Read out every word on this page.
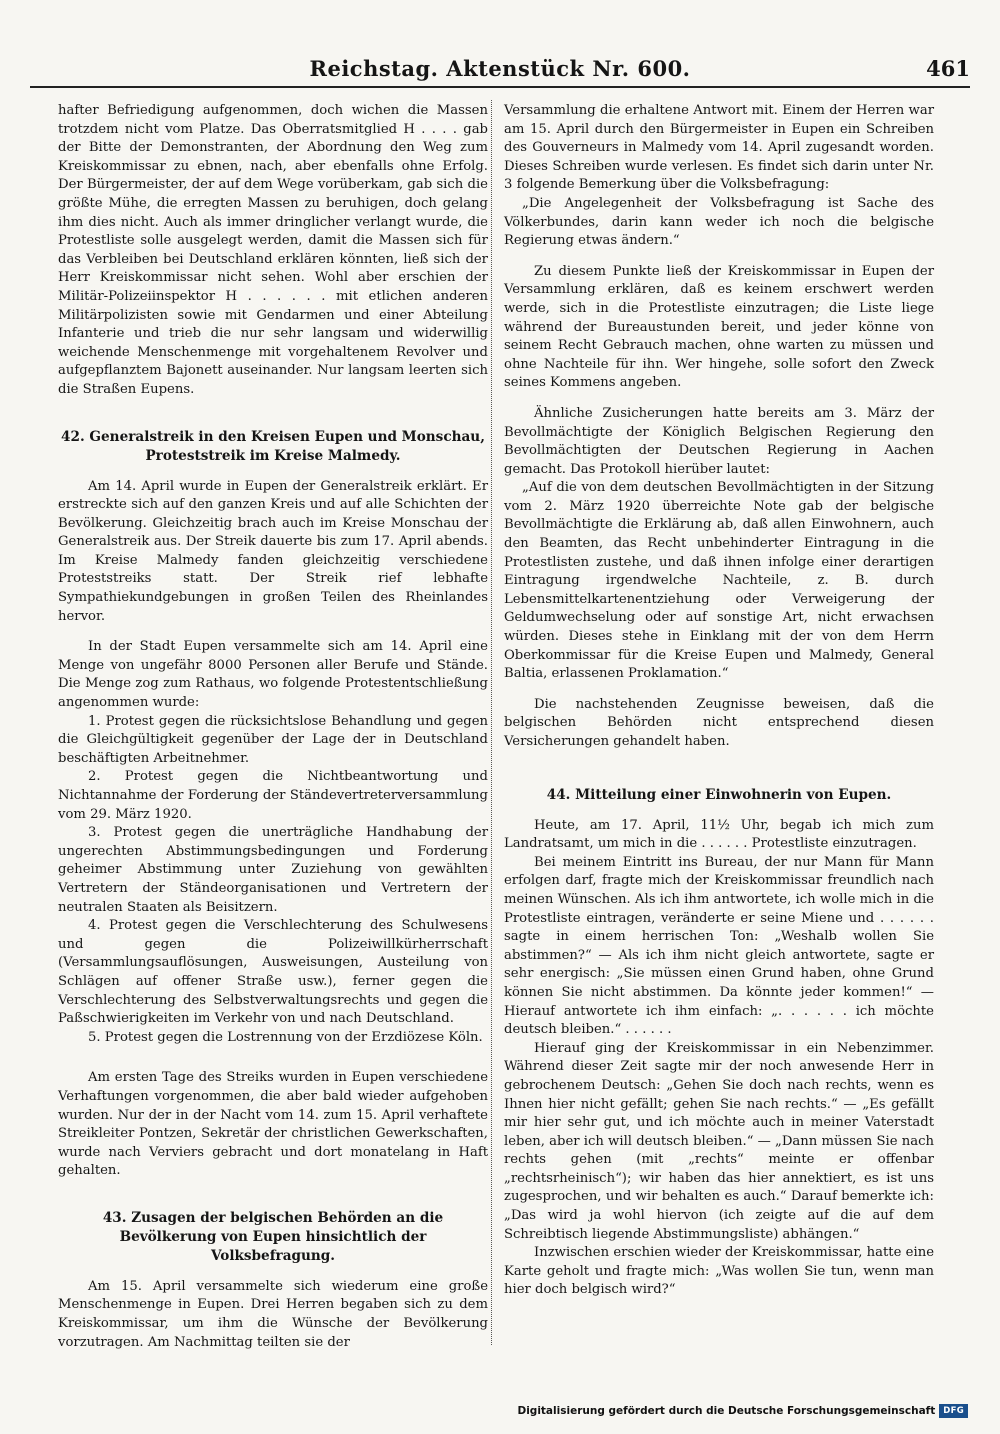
Reichstag. Aktenstück Nr. 600.	461

hafter Befriedigung aufgenommen, doch wichen die Massen trotzdem nicht vom Platze. Das Oberratsmitglied H . . . . gab der Bitte der Demonstranten, der Abordnung den Weg zum Kreiskommissar zu ebnen, nach, aber ebenfalls ohne Erfolg. Der Bürgermeister, der auf dem Wege vorüberkam, gab sich die größte Mühe, die erregten Massen zu beruhigen, doch gelang ihm dies nicht. Auch als immer dringlicher verlangt wurde, die Protestliste solle ausgelegt werden, damit die Massen sich für das Verbleiben bei Deutschland erklären könnten, ließ sich der Herr Kreiskommissar nicht sehen. Wohl aber erschien der Militär-Polizeiinspektor H . . . . . . mit etlichen anderen Militärpolizisten sowie mit Gendarmen und einer Abteilung Infanterie und trieb die nur sehr langsam und widerwillig weichende Menschenmenge mit vorgehaltenem Revolver und aufgepflanztem Bajonett auseinander. Nur langsam leerten sich die Straßen Eupens.

42. Generalstreik in den Kreisen Eupen und Monschau, Proteststreik im Kreise Malmedy.

Am 14. April wurde in Eupen der Generalstreik erklärt. Er erstreckte sich auf den ganzen Kreis und auf alle Schichten der Bevölkerung. Gleichzeitig brach auch im Kreise Monschau der Generalstreik aus. Der Streik dauerte bis zum 17. April abends. Im Kreise Malmedy fanden gleichzeitig verschiedene Proteststreiks statt. Der Streik rief lebhafte Sympathiekundgebungen in großen Teilen des Rheinlandes hervor.

In der Stadt Eupen versammelte sich am 14. April eine Menge von ungefähr 8000 Personen aller Berufe und Stände. Die Menge zog zum Rathaus, wo folgende Protestentschließung angenommen wurde:

1. Protest gegen die rücksichtslose Behandlung und gegen die Gleichgültigkeit gegenüber der Lage der in Deutschland beschäftigten Arbeitnehmer.
2. Protest gegen die Nichtbeantwortung und Nichtannahme der Forderung der Ständevertreterversammlung vom 29. März 1920.
3. Protest gegen die unerträgliche Handhabung der ungerechten Abstimmungsbedingungen und Forderung geheimer Abstimmung unter Zuziehung von gewählten Vertretern der Ständeorganisationen und Vertretern der neutralen Staaten als Beisitzern.
4. Protest gegen die Verschlechterung des Schulwesens und gegen die Polizeiwillkürherrschaft (Versammlungsauflösungen, Ausweisungen, Austeilung von Schlägen auf offener Straße usw.), ferner gegen die Verschlechterung des Selbstverwaltungsrechts und gegen die Paßschwierigkeiten im Verkehr von und nach Deutschland.
5. Protest gegen die Lostrennung von der Erzdiözese Köln.

Am ersten Tage des Streiks wurden in Eupen verschiedene Verhaftungen vorgenommen, die aber bald wieder aufgehoben wurden. Nur der in der Nacht vom 14. zum 15. April verhaftete Streikleiter Pontzen, Sekretär der christlichen Gewerkschaften, wurde nach Verviers gebracht und dort monatelang in Haft gehalten.

43. Zusagen der belgischen Behörden an die Bevölkerung von Eupen hinsichtlich der Volksbefragung.

Am 15. April versammelte sich wiederum eine große Menschenmenge in Eupen. Drei Herren begaben sich zu dem Kreiskommissar, um ihm die Wünsche der Bevölkerung vorzutragen. Am Nachmittag teilten sie der

Versammlung die erhaltene Antwort mit. Einem der Herren war am 15. April durch den Bürgermeister in Eupen ein Schreiben des Gouverneurs in Malmedy vom 14. April zugesandt worden. Dieses Schreiben wurde verlesen. Es findet sich darin unter Nr. 3 folgende Bemerkung über die Volksbefragung:

„Die Angelegenheit der Volksbefragung ist Sache des Völkerbundes, darin kann weder ich noch die belgische Regierung etwas ändern.“

Zu diesem Punkte ließ der Kreiskommissar in Eupen der Versammlung erklären, daß es keinem erschwert werden werde, sich in die Protestliste einzutragen; die Liste liege während der Bureaustunden bereit, und jeder könne von seinem Recht Gebrauch machen, ohne warten zu müssen und ohne Nachteile für ihn. Wer hingehe, solle sofort den Zweck seines Kommens angeben.

Ähnliche Zusicherungen hatte bereits am 3. März der Bevollmächtigte der Königlich Belgischen Regierung den Bevollmächtigten der Deutschen Regierung in Aachen gemacht. Das Protokoll hierüber lautet:

„Auf die von dem deutschen Bevollmächtigten in der Sitzung vom 2. März 1920 überreichte Note gab der belgische Bevollmächtigte die Erklärung ab, daß allen Einwohnern, auch den Beamten, das Recht unbehinderter Eintragung in die Protestlisten zustehe, und daß ihnen infolge einer derartigen Eintragung irgendwelche Nachteile, z. B. durch Lebensmittelkartenentziehung oder Verweigerung der Geldumwechselung oder auf sonstige Art, nicht erwachsen würden. Dieses stehe in Einklang mit der von dem Herrn Oberkommissar für die Kreise Eupen und Malmedy, General Baltia, erlassenen Proklamation.“

Die nachstehenden Zeugnisse beweisen, daß die belgischen Behörden nicht entsprechend diesen Versicherungen gehandelt haben.

44. Mitteilung einer Einwohnerin von Eupen.

Heute, am 17. April, 11½ Uhr, begab ich mich zum Landratsamt, um mich in die . . . . . . Protestliste einzutragen.

Bei meinem Eintritt ins Bureau, der nur Mann für Mann erfolgen darf, fragte mich der Kreiskommissar freundlich nach meinen Wünschen. Als ich ihm antwortete, ich wolle mich in die Protestliste eintragen, veränderte er seine Miene und . . . . . . sagte in einem herrischen Ton: „Weshalb wollen Sie abstimmen?“ — Als ich ihm nicht gleich antwortete, sagte er sehr energisch: „Sie müssen einen Grund haben, ohne Grund können Sie nicht abstimmen. Da könnte jeder kommen!“ — Hierauf antwortete ich ihm einfach: „. . . . . . ich möchte deutsch bleiben.“ . . . . . .

Hierauf ging der Kreiskommissar in ein Nebenzimmer. Während dieser Zeit sagte mir der noch anwesende Herr in gebrochenem Deutsch: „Gehen Sie doch nach rechts, wenn es Ihnen hier nicht gefällt; gehen Sie nach rechts.“ — „Es gefällt mir hier sehr gut, und ich möchte auch in meiner Vaterstadt leben, aber ich will deutsch bleiben.“ — „Dann müssen Sie nach rechts gehen (mit „rechts“ meinte er offenbar „rechtsrheinisch“); wir haben das hier annektiert, es ist uns zugesprochen, und wir behalten es auch.“ Darauf bemerkte ich: „Das wird ja wohl hiervon (ich zeigte auf die auf dem Schreibtisch liegende Abstimmungsliste) abhängen.“

Inzwischen erschien wieder der Kreiskommissar, hatte eine Karte geholt und fragte mich: „Was wollen Sie tun, wenn man hier doch belgisch wird?“

Digitalisierung gefördert durch die Deutsche Forschungsgemeinschaft DFG
